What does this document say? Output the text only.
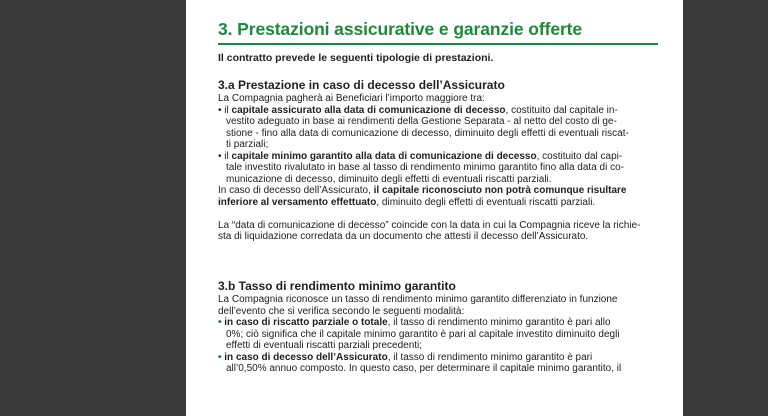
3. Prestazioni assicurative e garanzie offerte
Il contratto prevede le seguenti tipologie di prestazioni.
3.a Prestazione in caso di decesso dell’Assicurato
La Compagnia pagherà ai Beneficiari l’importo maggiore tra:
• il capitale assicurato alla data di comunicazione di decesso, costituito dal capitale in-
vestito adeguato in base ai rendimenti della Gestione Separata - al netto del costo di ge-
stione - fino alla data di comunicazione di decesso, diminuito degli effetti di eventuali riscat-
ti parziali;
• il capitale minimo garantito alla data di comunicazione di decesso, costituito dal capi-
tale investito rivalutato in base al tasso di rendimento minimo garantito fino alla data di co-
municazione di decesso, diminuito degli effetti di eventuali riscatti parziali.
In caso di decesso dell’Assicurato, il capitale riconosciuto non potrà comunque risultare
inferiore al versamento effettuato, diminuito degli effetti di eventuali riscatti parziali.
La “data di comunicazione di decesso” coincide con la data in cui la Compagnia riceve la richie-
sta di liquidazione corredata da un documento che attesti il decesso dell’Assicurato.
3.b Tasso di rendimento minimo garantito
La Compagnia riconosce un tasso di rendimento minimo garantito differenziato in funzione
dell’evento che si verifica secondo le seguenti modalità:
• in caso di riscatto parziale o totale, il tasso di rendimento minimo garantito è pari allo
0%; ciò significa che il capitale minimo garantito è pari al capitale investito diminuito degli
effetti di eventuali riscatti parziali precedenti;
• in caso di decesso dell’Assicurato, il tasso di rendimento minimo garantito è pari
all’0,50% annuo composto. In questo caso, per determinare il capitale minimo garantito, il
